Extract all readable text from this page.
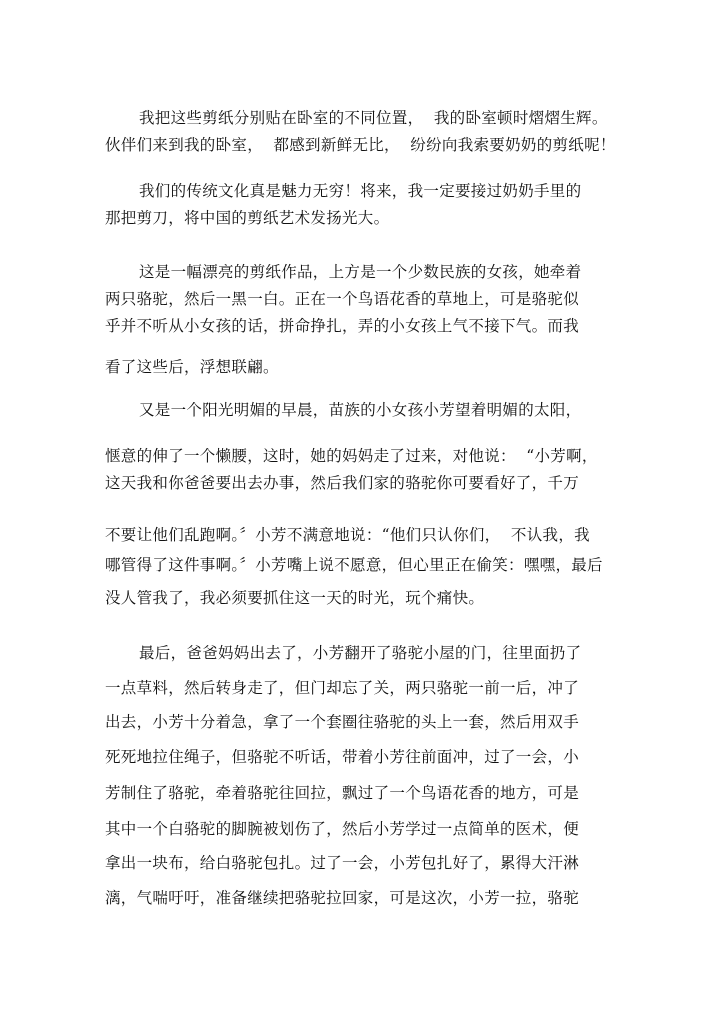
我把这些剪纸分别贴在卧室的不同位置，  我的卧室顿时熠熠生辉。
伙伴们来到我的卧室，  都感到新鲜无比，  纷纷向我索要奶奶的剪纸呢！
我们的传统文化真是魅力无穷！将来，我一定要接过奶奶手里的
那把剪刀，将中国的剪纸艺术发扬光大。
这是一幅漂亮的剪纸作品，上方是一个少数民族的女孩，她牵着
两只骆驼，然后一黑一白。正在一个鸟语花香的草地上，可是骆驼似
乎并不听从小女孩的话，拼命挣扎，弄的小女孩上气不接下气。而我
看了这些后，浮想联翩。
又是一个阳光明媚的早晨，苗族的小女孩小芳望着明媚的太阳，
惬意的伸了一个懒腰，这时，她的妈妈走了过来，对他说：  “小芳啊，
这天我和你爸爸要出去办事，然后我们家的骆驼你可要看好了，千万
不要让他们乱跑啊。〞小芳不满意地说：“他们只认你们，  不认我，我
哪管得了这件事啊。〞小芳嘴上说不愿意，但心里正在偷笑：嘿嘿，最后
没人管我了，我必须要抓住这一天的时光，玩个痛快。
最后，爸爸妈妈出去了，小芳翻开了骆驼小屋的门，往里面扔了
一点草料，然后转身走了，但门却忘了关，两只骆驼一前一后，冲了
出去，小芳十分着急，拿了一个套圈往骆驼的头上一套，然后用双手
死死地拉住绳子，但骆驼不听话，带着小芳往前面冲，过了一会，小
芳制住了骆驼，牵着骆驼往回拉，飘过了一个鸟语花香的地方，可是
其中一个白骆驼的脚腕被划伤了，然后小芳学过一点简单的医术，便
拿出一块布，给白骆驼包扎。过了一会，小芳包扎好了，累得大汗淋
漓，气喘吁吁，准备继续把骆驼拉回家，可是这次，小芳一拉，骆驼
